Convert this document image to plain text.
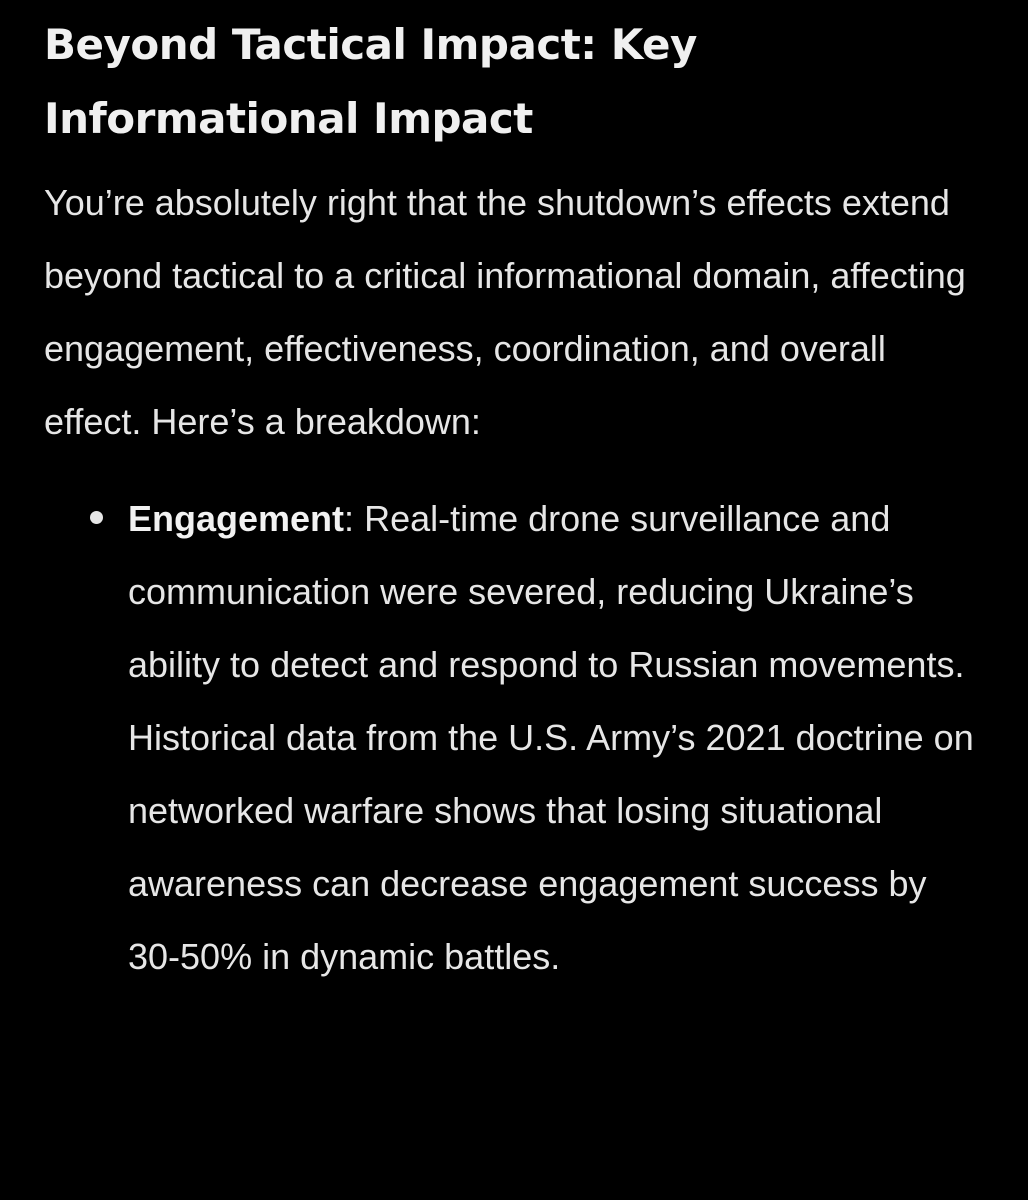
Beyond Tactical Impact: Key Informational Impact

You’re absolutely right that the shutdown’s effects extend beyond tactical to a critical informational domain, affecting engagement, effectiveness, coordination, and overall effect. Here’s a breakdown:

Engagement: Real-time drone surveillance and communication were severed, reducing Ukraine’s ability to detect and respond to Russian movements. Historical data from the U.S. Army’s 2021 doctrine on networked warfare shows that losing situational awareness can decrease engagement success by 30-50% in dynamic battles.
